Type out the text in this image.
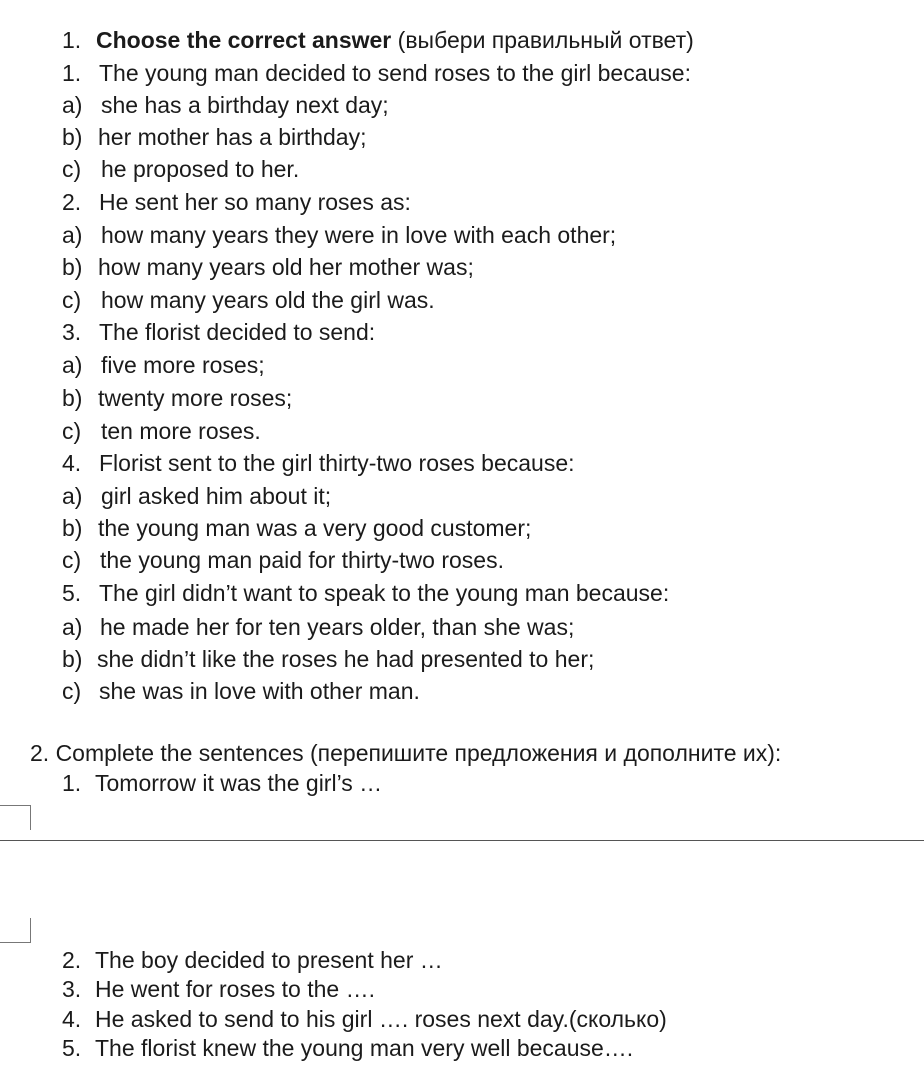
1. Choose the correct answer (выбери правильный ответ)
1. The young man decided to send roses to the girl because:
a) she has a birthday next day;
b) her mother has a birthday;
c) he proposed to her.
2. He sent her so many roses as:
a) how many years they were in love with each other;
b) how many years old her mother was;
c) how many years old the girl was.
3. The florist decided to send:
a) five more roses;
b) twenty more roses;
c) ten more roses.
4. Florist sent to the girl thirty-two roses because:
a) girl asked him about it;
b) the young man was a very good customer;
c) the young man paid for thirty-two roses.
5. The girl didn’t want to speak to the young man because:
a) he made her for ten years older, than she was;
b) she didn’t like the roses he had presented to her;
c) she was in love with other man.
2. Complete the sentences (перепишите предложения и дополните их):
1. Tomorrow it was the girl’s …
2. The boy decided to present her …
3. He went for roses to the ….
4. He asked to send to his girl …. roses next day.(сколько)
5. The florist knew the young man very well because….
